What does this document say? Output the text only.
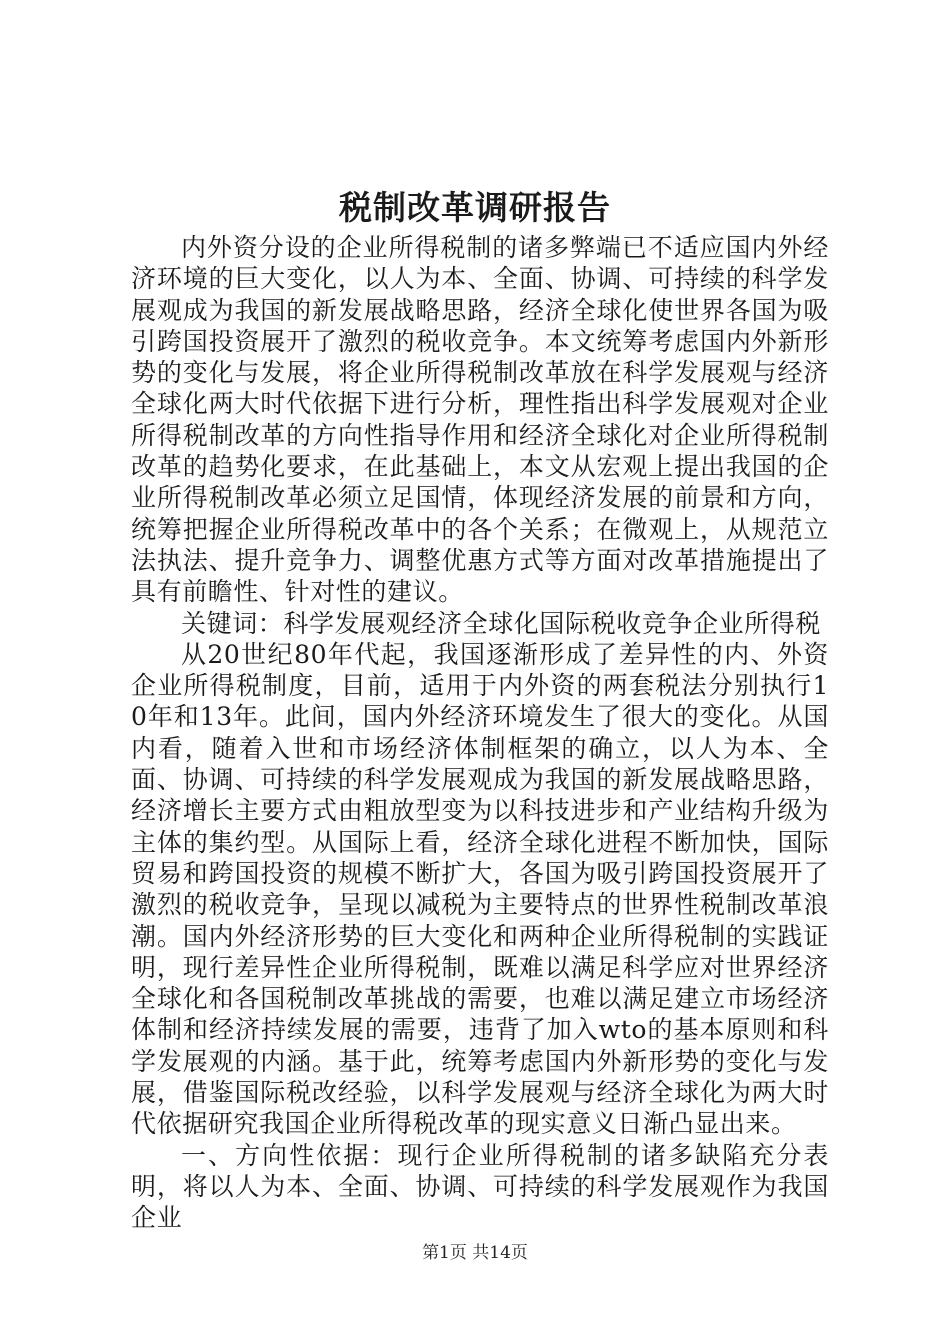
税制改革调研报告

内外资分设的企业所得税制的诸多弊端已不适应国内外经济环境的巨大变化，以人为本、全面、协调、可持续的科学发展观成为我国的新发展战略思路，经济全球化使世界各国为吸引跨国投资展开了激烈的税收竞争。本文统筹考虑国内外新形势的变化与发展，将企业所得税制改革放在科学发展观与经济全球化两大时代依据下进行分析，理性指出科学发展观对企业所得税制改革的方向性指导作用和经济全球化对企业所得税制改革的趋势化要求，在此基础上，本文从宏观上提出我国的企业所得税制改革必须立足国情，体现经济发展的前景和方向，统筹把握企业所得税改革中的各个关系；在微观上，从规范立法执法、提升竞争力、调整优惠方式等方面对改革措施提出了具有前瞻性、针对性的建议。

关键词：科学发展观经济全球化国际税收竞争企业所得税

从20世纪80年代起，我国逐渐形成了差异性的内、外资企业所得税制度，目前，适用于内外资的两套税法分别执行10年和13年。此间，国内外经济环境发生了很大的变化。从国内看，随着入世和市场经济体制框架的确立，以人为本、全面、协调、可持续的科学发展观成为我国的新发展战略思路，经济增长主要方式由粗放型变为以科技进步和产业结构升级为主体的集约型。从国际上看，经济全球化进程不断加快，国际贸易和跨国投资的规模不断扩大，各国为吸引跨国投资展开了激烈的税收竞争，呈现以减税为主要特点的世界性税制改革浪潮。国内外经济形势的巨大变化和两种企业所得税制的实践证明，现行差异性企业所得税制，既难以满足科学应对世界经济全球化和各国税制改革挑战的需要，也难以满足建立市场经济体制和经济持续发展的需要，违背了加入wto的基本原则和科学发展观的内涵。基于此，统筹考虑国内外新形势的变化与发展，借鉴国际税改经验，以科学发展观与经济全球化为两大时代依据研究我国企业所得税改革的现实意义日渐凸显出来。

一、方向性依据：现行企业所得税制的诸多缺陷充分表明，将以人为本、全面、协调、可持续的科学发展观作为我国企业

第1页 共14页
